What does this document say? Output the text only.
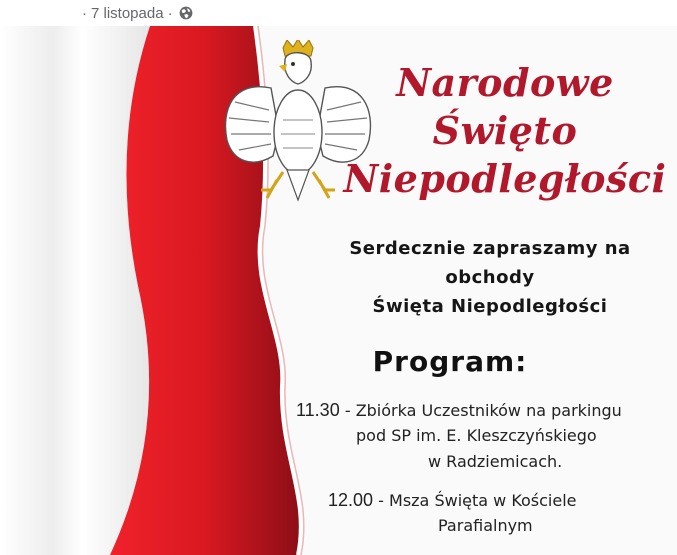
· 7 listopada ·
Narodowe
Święto
Niepodległości
Serdecznie zapraszamy na
obchody
Święta Niepodległości
Program:
11.30 - Zbiórka Uczestników na parkingu
pod SP im. E. Kleszczyńskiego
w Radziemicach.
12.00 - Msza Święta w Kościele
Parafialnym
